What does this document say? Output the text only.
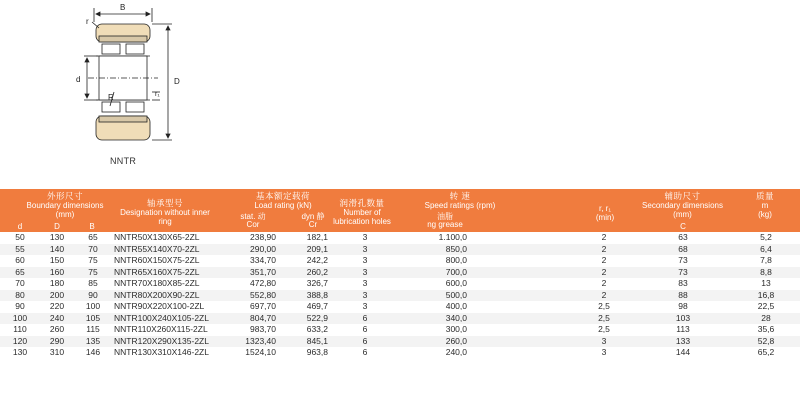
B
r
d	D
R	r₁
NNTR
外形尺寸
Boundary dimensions
(mm)
d	D	B
轴承型号
Designation without inner
ring
基本额定载荷
Load rating (kN)
stat. 动
Cor
dyn 静
Cr
润滑孔数量
Number of
lubrication holes
转 速
Speed ratings (rpm)
油脂
ng grease
r, r₁
(min)
辅助尺寸
Secondary dimensions
(mm)
C
质量
m
(kg)
50	130	65	NNTR50X130X65-2ZL	238,90	182,1	3	1.100,0	2	63	5,2
55	140	70	NNTR55X140X70-2ZL	290,00	209,1	3	850,0	2	68	6,4
60	150	75	NNTR60X150X75-2ZL	334,70	242,2	3	800,0	2	73	7,8
65	160	75	NNTR65X160X75-2ZL	351,70	260,2	3	700,0	2	73	8,8
70	180	85	NNTR70X180X85-2ZL	472,80	326,7	3	600,0	2	83	13
80	200	90	NNTR80X200X90-2ZL	552,80	388,8	3	500,0	2	88	16,8
90	220	100	NNTR90X220X100-2ZL	697,70	469,7	3	400,0	2,5	98	22,5
100	240	105	NNTR100X240X105-2ZL	804,70	522,9	6	340,0	2,5	103	28
110	260	115	NNTR110X260X115-2ZL	983,70	633,2	6	300,0	2,5	113	35,6
120	290	135	NNTR120X290X135-2ZL	1323,40	845,1	6	260,0	3	133	52,8
130	310	146	NNTR130X310X146-2ZL	1524,10	963,8	6	240,0	3	144	65,2
